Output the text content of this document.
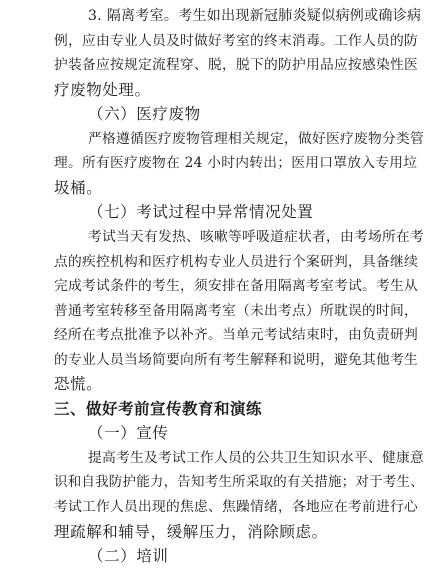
3. 隔离考室。考生如出现新冠肺炎疑似病例或确诊病
例，应由专业人员及时做好考室的终末消毒。工作人员的防
护装备应按规定流程穿、脱，脱下的防护用品应按感染性医
疗废物处理。
（六）医疗废物
严格遵循医疗废物管理相关规定，做好医疗废物分类管
理。所有医疗废物在 24 小时内转出；医用口罩放入专用垃
圾桶。
（七）考试过程中异常情况处置
考试当天有发热、咳嗽等呼吸道症状者，由考场所在考
点的疾控机构和医疗机构专业人员进行个案研判，具备继续
完成考试条件的考生，须安排在备用隔离考室考试。考生从
普通考室转移至备用隔离考室（未出考点）所耽误的时间，
经所在考点批准予以补齐。当单元考试结束时，由负责研判
的专业人员当场简要向所有考生解释和说明，避免其他考生
恐慌。
三、做好考前宣传教育和演练
（一）宣传
提高考生及考试工作人员的公共卫生知识水平、健康意
识和自我防护能力，告知考生所采取的有关措施；对于考生、
考试工作人员出现的焦虑、焦躁情绪，各地应在考前进行心
理疏解和辅导，缓解压力，消除顾虑。
（二）培训
